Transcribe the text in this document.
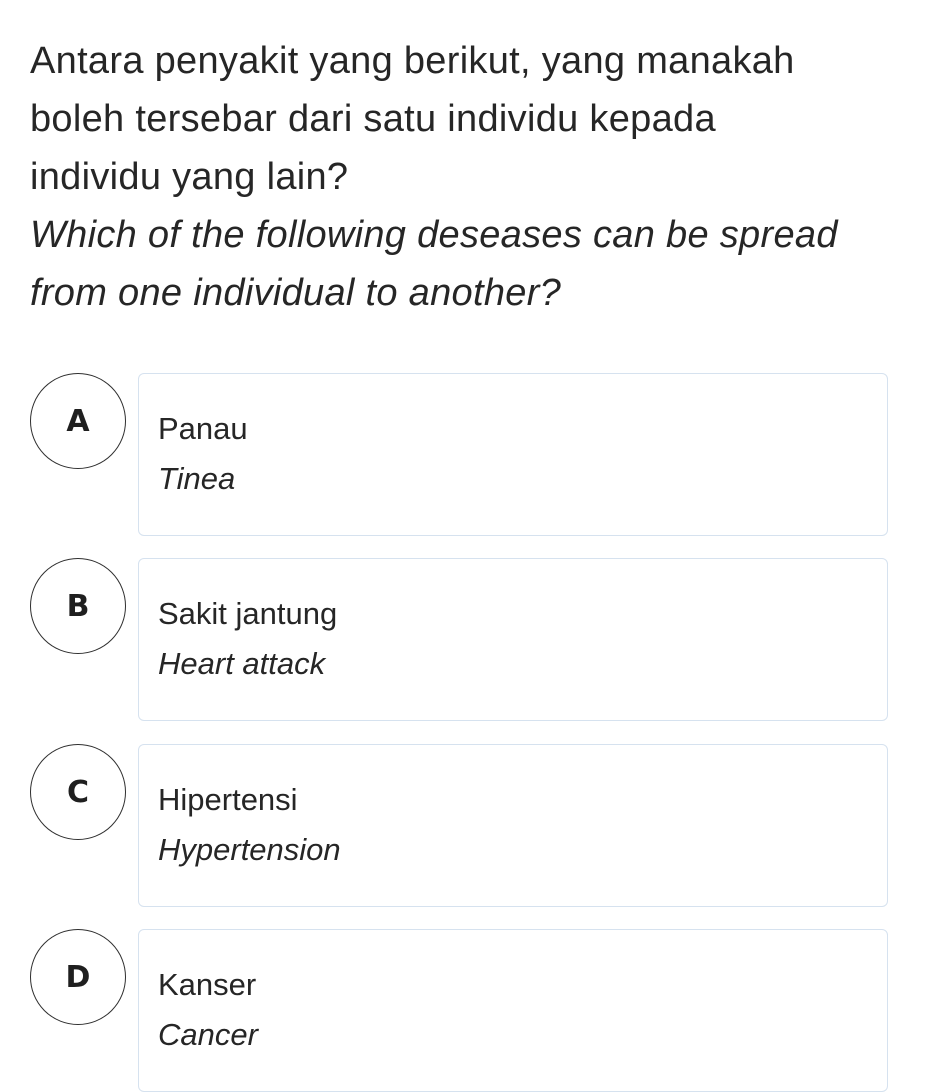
Antara penyakit yang berikut, yang manakah
boleh tersebar dari satu individu kepada
individu yang lain?
Which of the following deseases can be spread
from one individual to another?
A	Panau
Tinea
B	Sakit jantung
Heart attack
C	Hipertensi
Hypertension
D	Kanser
Cancer
